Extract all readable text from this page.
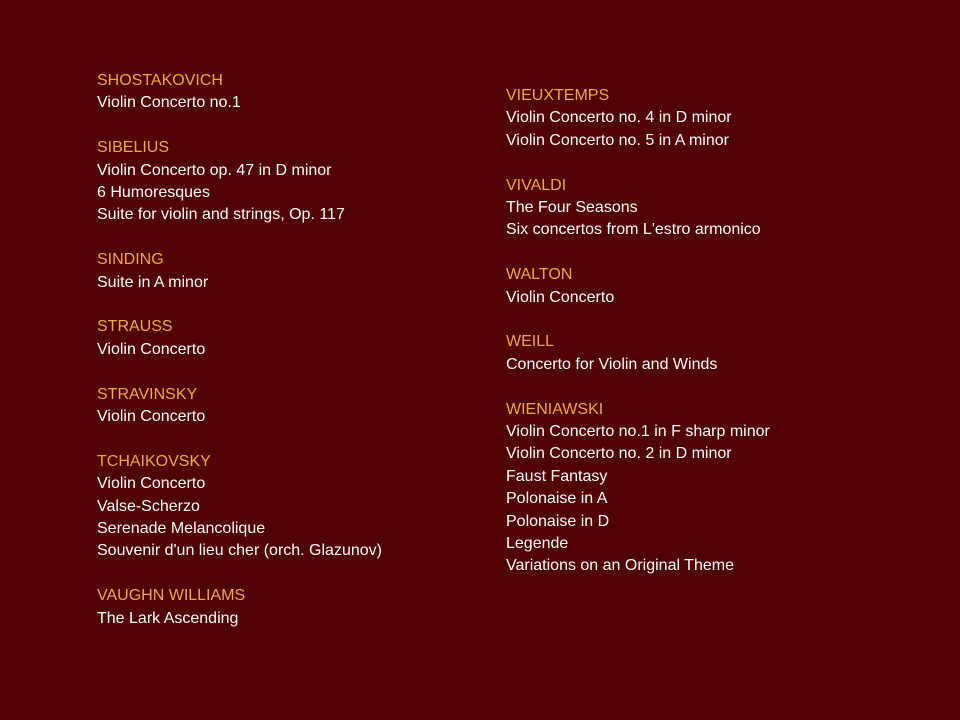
SHOSTAKOVICH
Violin Concerto no.1
SIBELIUS
Violin Concerto op. 47 in D minor
6 Humoresques
Suite for violin and strings, Op. 117
SINDING
Suite in A minor
STRAUSS
Violin Concerto
STRAVINSKY
Violin Concerto
TCHAIKOVSKY
Violin Concerto
Valse-Scherzo
Serenade Melancolique
Souvenir d'un lieu cher (orch. Glazunov)
VAUGHN WILLIAMS
The Lark Ascending
VIEUXTEMPS
Violin Concerto no. 4 in D minor
Violin Concerto no. 5 in A minor
VIVALDI
The Four Seasons
Six concertos from L'estro armonico
WALTON
Violin Concerto
WEILL
Concerto for Violin and Winds
WIENIAWSKI
Violin Concerto no.1 in F sharp minor
Violin Concerto no. 2 in D minor
Faust Fantasy
Polonaise in A
Polonaise in D
Legende
Variations on an Original Theme
